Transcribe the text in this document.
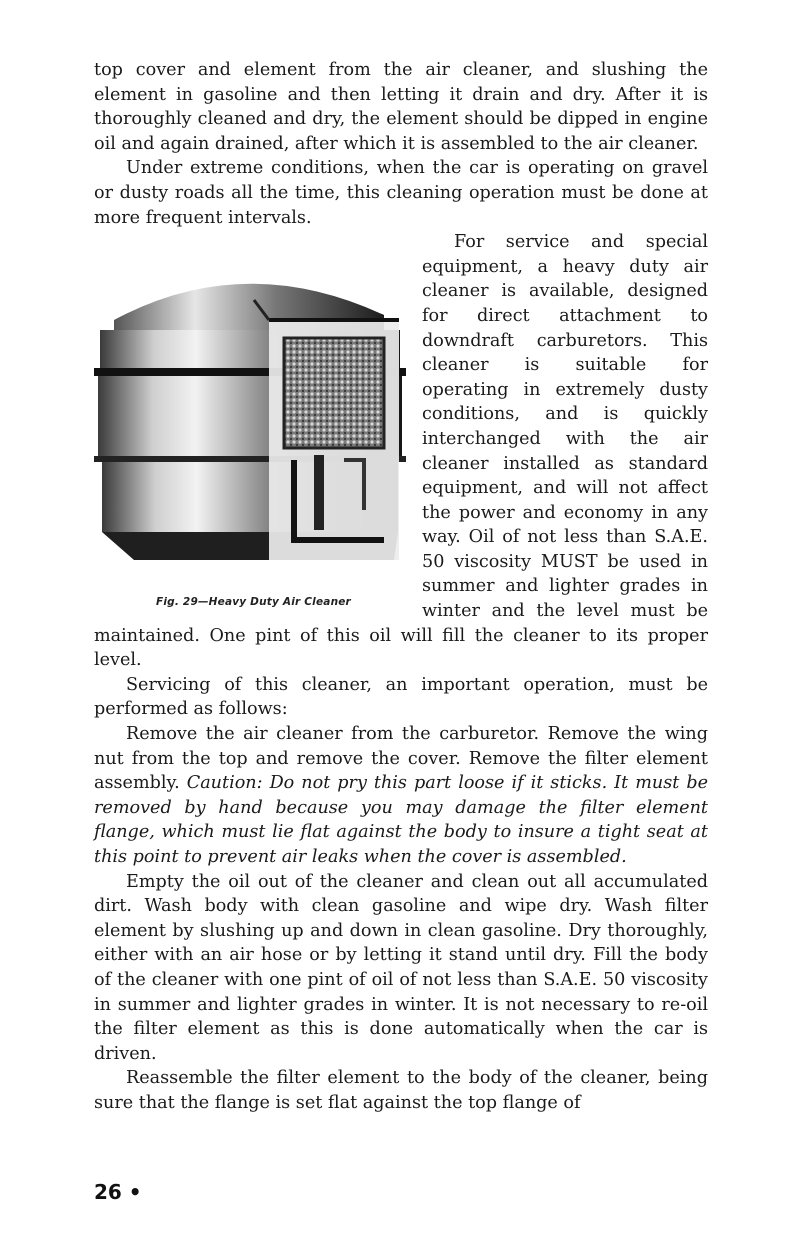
top cover and element from the air cleaner, and slushing the element in gasoline and then letting it drain and dry. After it is thoroughly cleaned and dry, the element should be dipped in engine oil and again drained, after which it is assembled to the air cleaner.

Under extreme conditions, when the car is operating on gravel or dusty roads all the time, this cleaning operation must be done at more frequent intervals.

Fig. 29—Heavy Duty Air Cleaner
For service and special equipment, a heavy duty air cleaner is available, designed for direct attachment to downdraft carburetors. This cleaner is suitable for operating in extremely dusty conditions, and is quickly interchanged with the air cleaner installed as standard equipment, and will not affect the power and economy in any way. Oil of not less than S.A.E. 50 viscosity MUST be used in summer and lighter grades in winter and the level must be maintained. One pint of this oil will fill the cleaner to its proper level.

Servicing of this cleaner, an important operation, must be performed as follows:

Remove the air cleaner from the carburetor. Remove the wing nut from the top and remove the cover. Remove the filter element assembly. Caution: Do not pry this part loose if it sticks. It must be removed by hand because you may damage the filter element flange, which must lie flat against the body to insure a tight seat at this point to prevent air leaks when the cover is assembled.

Empty the oil out of the cleaner and clean out all accumulated dirt. Wash body with clean gasoline and wipe dry. Wash filter element by slushing up and down in clean gasoline. Dry thoroughly, either with an air hose or by letting it stand until dry. Fill the body of the cleaner with one pint of oil of not less than S.A.E. 50 viscosity in summer and lighter grades in winter. It is not necessary to re-oil the filter element as this is done automatically when the car is driven.

Reassemble the filter element to the body of the cleaner, being sure that the flange is set flat against the top flange of

26 •
